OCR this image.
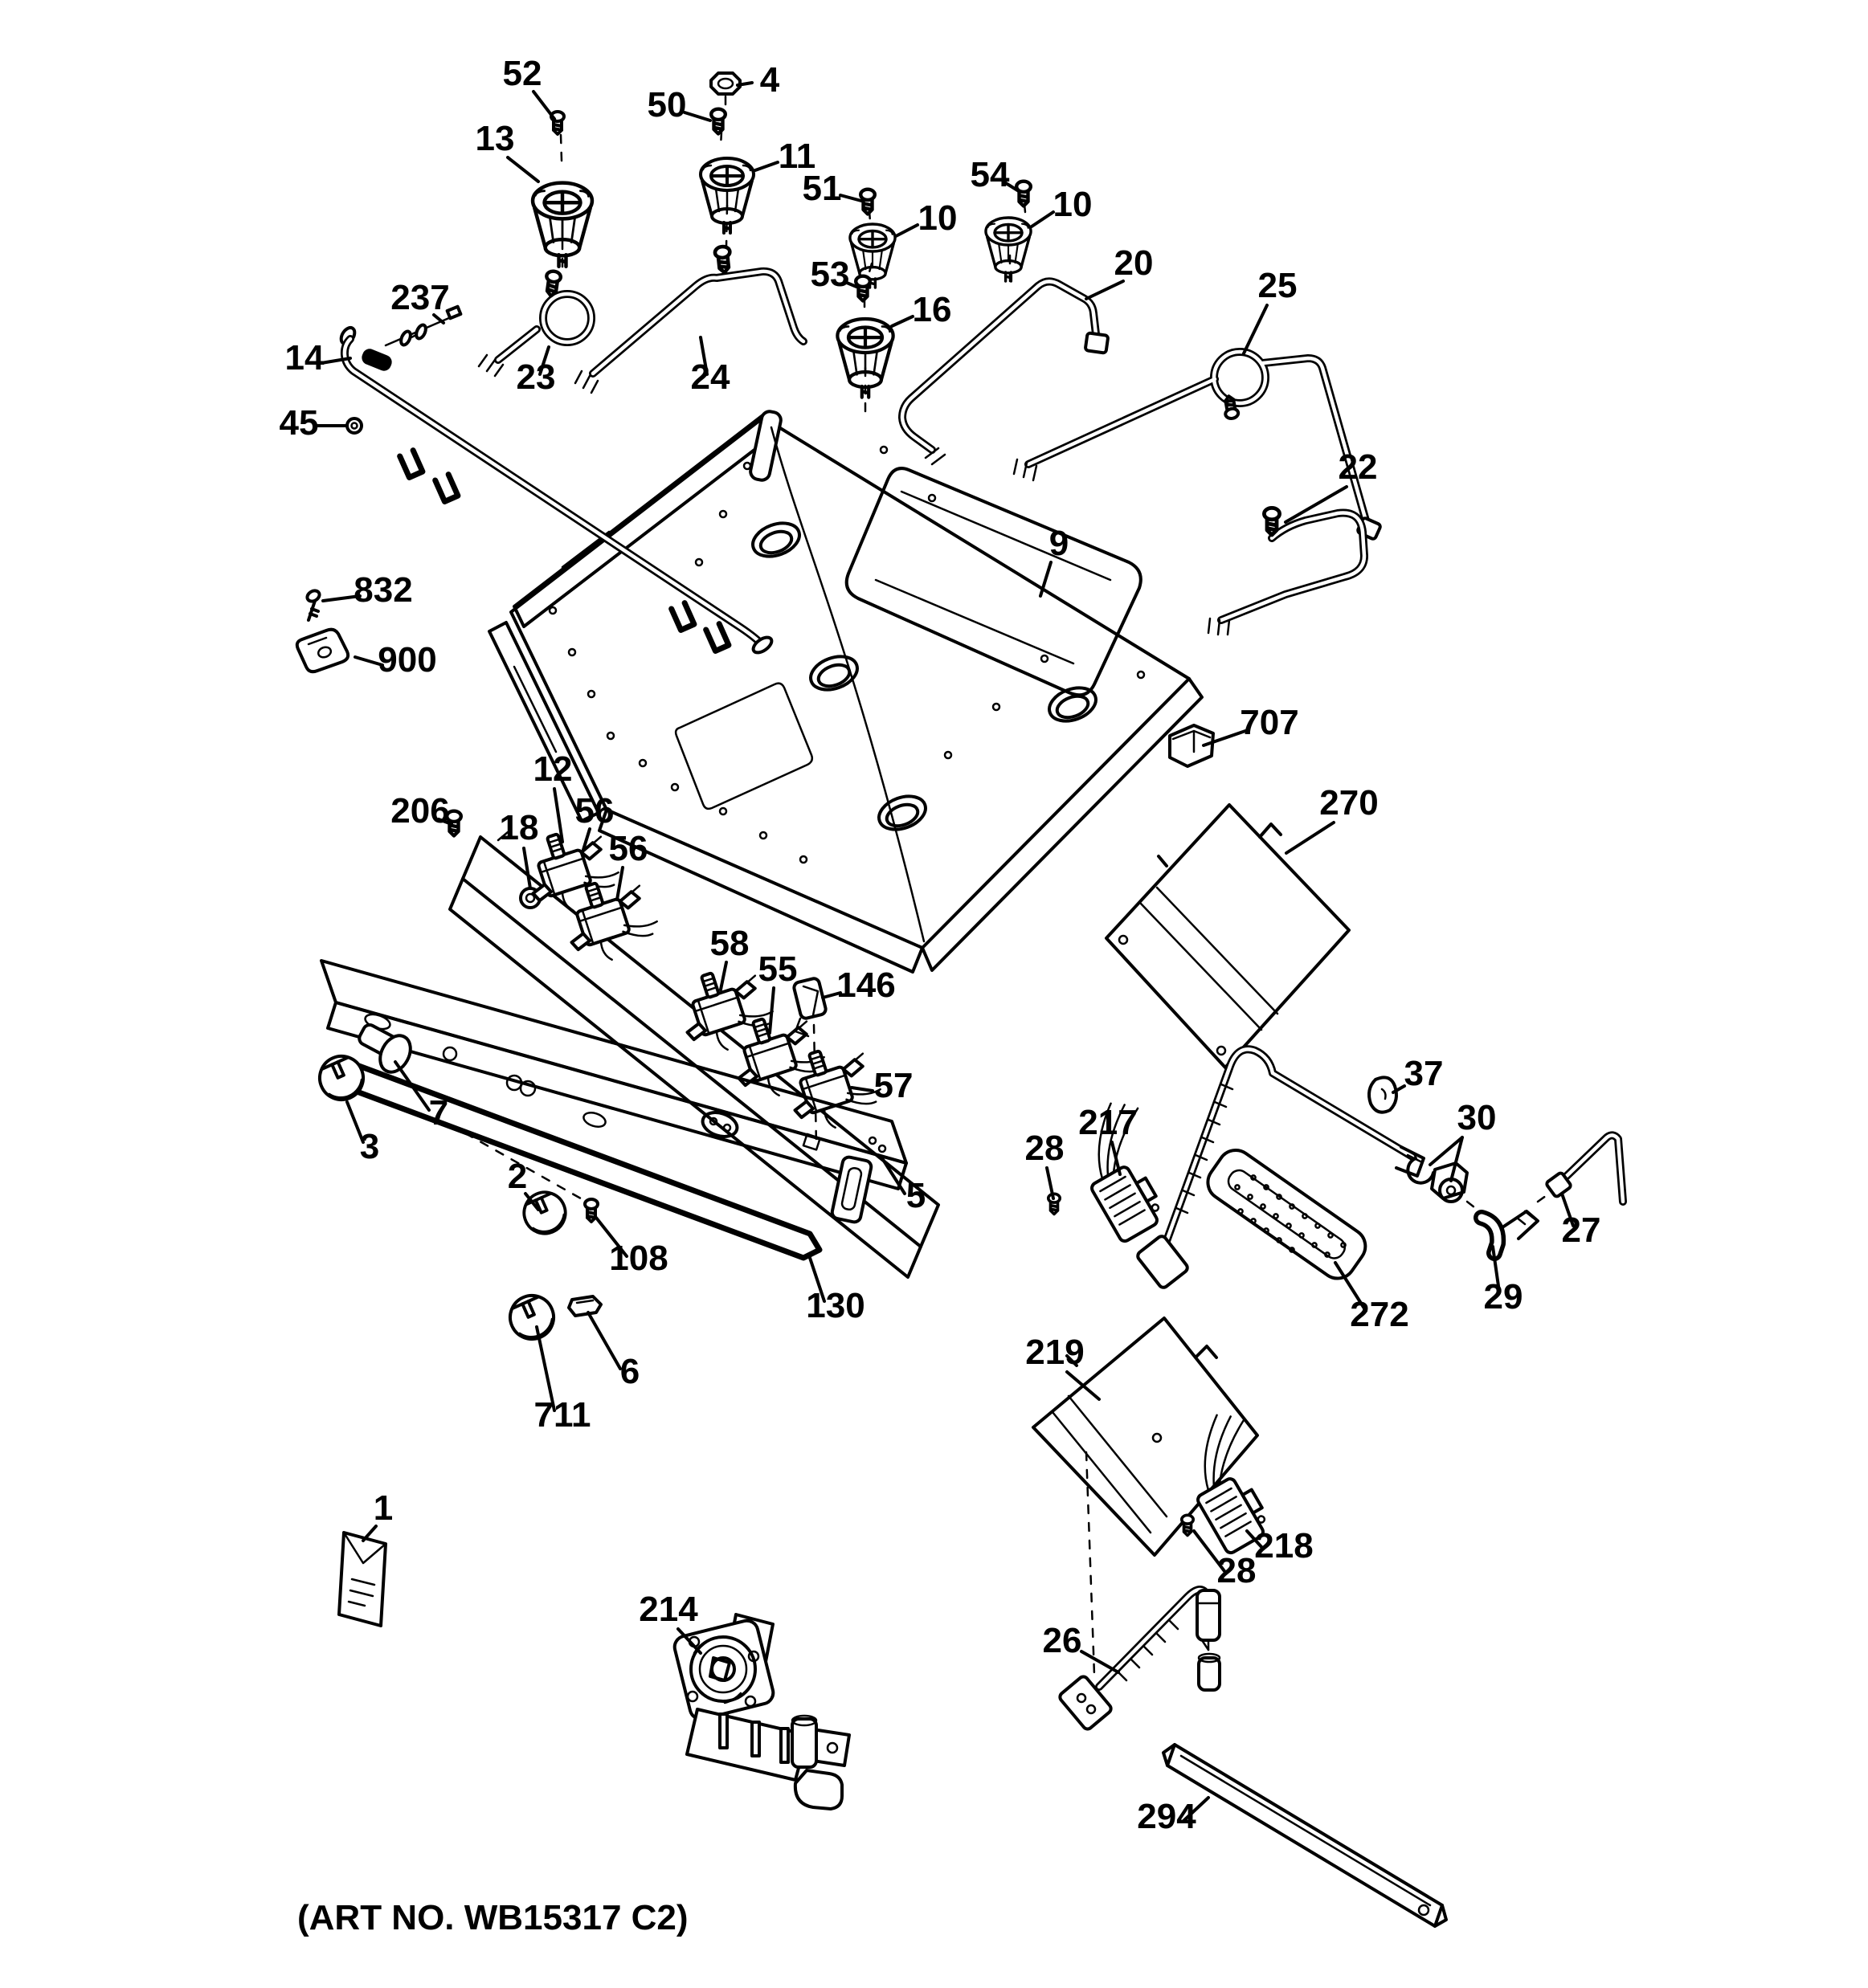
52	4
50
13	11
51
10
54
10
20
53
16
25
237
14	23	24
45
22
9
832
900
707
270
206
12
18 56
56
58
55 146
57
3
7
2
108
130
5
6
711
217
28
37
30
27
29
272
219
218
28
26
1
214
294
(ART NO. WB15317 C2)
